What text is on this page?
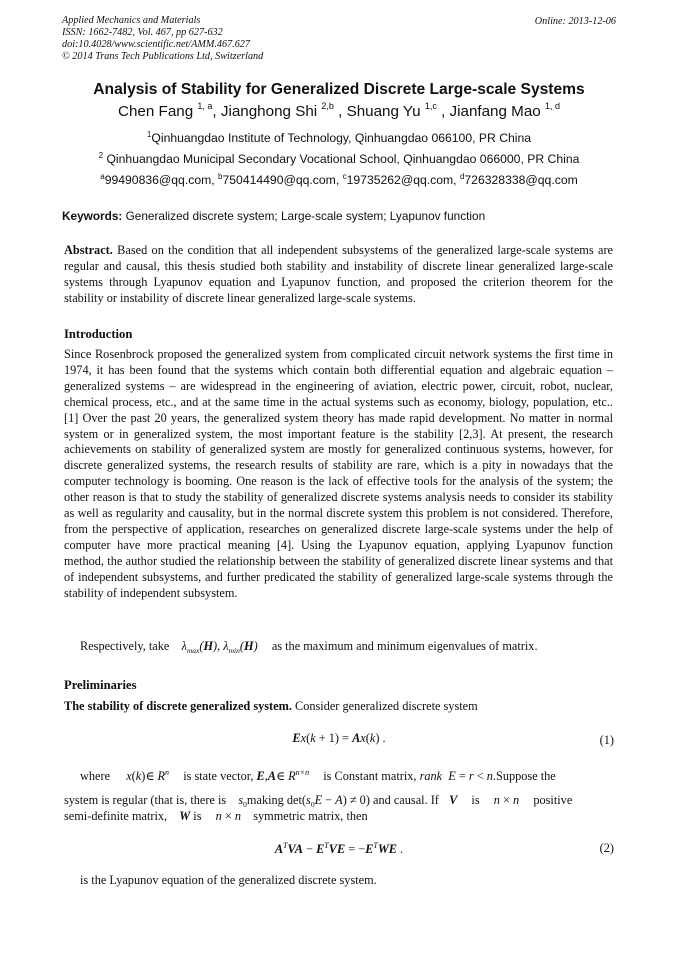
Applied Mechanics and Materials
ISSN: 1662-7482, Vol. 467, pp 627-632
doi:10.4028/www.scientific.net/AMM.467.627
© 2014 Trans Tech Publications Ltd, Switzerland
Online: 2013-12-06
Analysis of Stability for Generalized Discrete Large-scale Systems
Chen Fang $^{1, a}$, Jianghong Shi $^{2,b}$ , Shuang Yu $^{1,c}$ , Jianfang Mao $^{1, d}$
$^1$Qinhuangdao Institute of Technology, Qinhuangdao 066100, PR China
$^2$ Qinhuangdao Municipal Secondary Vocational School, Qinhuangdao 066000, PR China
$^a$99490836@qq.com, $^b$750414490@qq.com, $^c$19735262@qq.com, $^d$726328338@qq.com
Keywords: Generalized discrete system; Large-scale system; Lyapunov function
Abstract. Based on the condition that all independent subsystems of the generalized large-scale systems are regular and causal, this thesis studied both stability and instability of discrete linear generalized large-scale systems through Lyapunov equation and Lyapunov function, and proposed the criterion theorem for the stability or instability of discrete linear generalized large-scale systems.
Introduction
Since Rosenbrock proposed the generalized system from complicated circuit network systems the first time in 1974, it has been found that the systems which contain both differential equation and algebraic equation – generalized systems – are widespread in the engineering of aviation, electric power, circuit, robot, nuclear, chemical process, etc., and at the same time in the actual systems such as economy, biology, population, etc.. [1] Over the past 20 years, the generalized system theory has made rapid development. No matter in normal system or in generalized system, the most important feature is the stability [2,3]. At present, the research achievements on stability of generalized system are mostly for generalized continuous systems, however, for discrete generalized systems, the research results of stability are rare, which is a pity in nowadays that the computer technology is booming. One reason is the lack of effective tools for the analysis of the system; the other reason is that to study the stability of generalized discrete systems analysis needs to consider its stability as well as regularity and causality, but in the normal discrete system this problem is not considered. Therefore, from the perspective of application, researches on generalized discrete large-scale systems under the help of computer have more practical meaning [4]. Using the Lyapunov equation, applying Lyapunov function method, the author studied the relationship between the stability of generalized discrete linear systems and that of independent subsystems, and further predicated the stability of generalized large-scale systems through the stability of independent subsystem.
Respectively, take $\lambda_{max}(H)$, $\lambda_{min}(H)$ as the maximum and minimum eigenvalues of matrix.
Preliminaries
The stability of discrete generalized system. Consider generalized discrete system
Ex(k + 1) = Ax(k) .	(1)
where x(k)∈ $R^n$ is state vector, E,A∈ $R^{n\times n}$ is Constant matrix, rank  E = r < n.Suppose the
system is regular (that is, there is $s_0making$ $\det(s_0E - A) \ne 0$) and causal. If V is n × n positive
semi-definite matrix, W is  n × n symmetric matrix, then
$A^TVA - E^TVE = -E^TWE$ .	(2)
is the Lyapunov equation of the generalized discrete system.
